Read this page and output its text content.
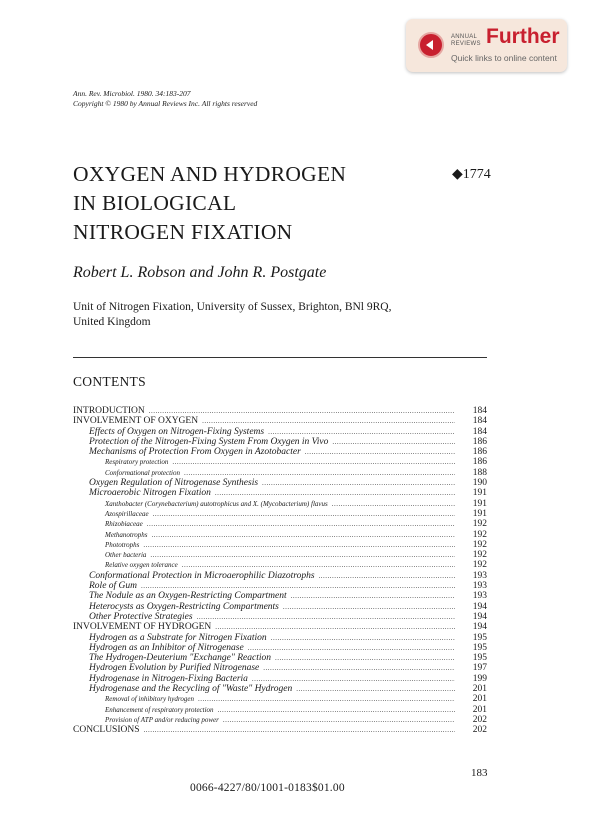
ANNUAL
REVIEWS Further
Quick links to online content
Ann. Rev. Microbiol. 1980. 34:183-207
Copyright © 1980 by Annual Reviews Inc. All rights reserved
OXYGEN AND HYDROGEN
IN BIOLOGICAL
NITROGEN FIXATION
◆1774
Robert L. Robson and John R. Postgate
Unit of Nitrogen Fixation, University of Sussex, Brighton, BNl 9RQ,
United Kingdom
CONTENTS
INTRODUCTION .....	184
INVOLVEMENT OF OXYGEN .....	184
Effects of Oxygen on Nitrogen-Fixing Systems .....	184
Protection of the Nitrogen-Fixing System From Oxygen in Vivo .....	186
Mechanisms of Protection From Oxygen in Azotobacter .....	186
Respiratory protection .....	186
Conformational protection .....	188
Oxygen Regulation of Nitrogenase Synthesis .....	190
Microaerobic Nitrogen Fixation .....	191
Xanthobacter (Corynebacterium) autotrophicus and X. (Mycobacterium) flavus .....	191
Azospirillaceae .....	191
Rhizobiaceae .....	192
Methanotrophs .....	192
Phototrophs .....	192
Other bacteria .....	192
Relative oxygen tolerance .....	192
Conformational Protection in Microaerophilic Diazotrophs .....	193
Role of Gum .....	193
The Nodule as an Oxygen-Restricting Compartment .....	193
Heterocysts as Oxygen-Restricting Compartments .....	194
Other Protective Strategies .....	194
INVOLVEMENT OF HYDROGEN .....	194
Hydrogen as a Substrate for Nitrogen Fixation .....	195
Hydrogen as an Inhibitor of Nitrogenase .....	195
The Hydrogen-Deuterium "Exchange" Reaction .....	195
Hydrogen Evolution by Purified Nitrogenase .....	197
Hydrogenase in Nitrogen-Fixing Bacteria .....	199
Hydrogenase and the Recycling of "Waste" Hydrogen .....	201
Removal of inhibitory hydrogen .....	201
Enhancement of respiratory protection .....	201
Provision of ATP and/or reducing power .....	202
CONCLUSIONS .....	202
183
0066-4227/80/1001-0183$01.00
